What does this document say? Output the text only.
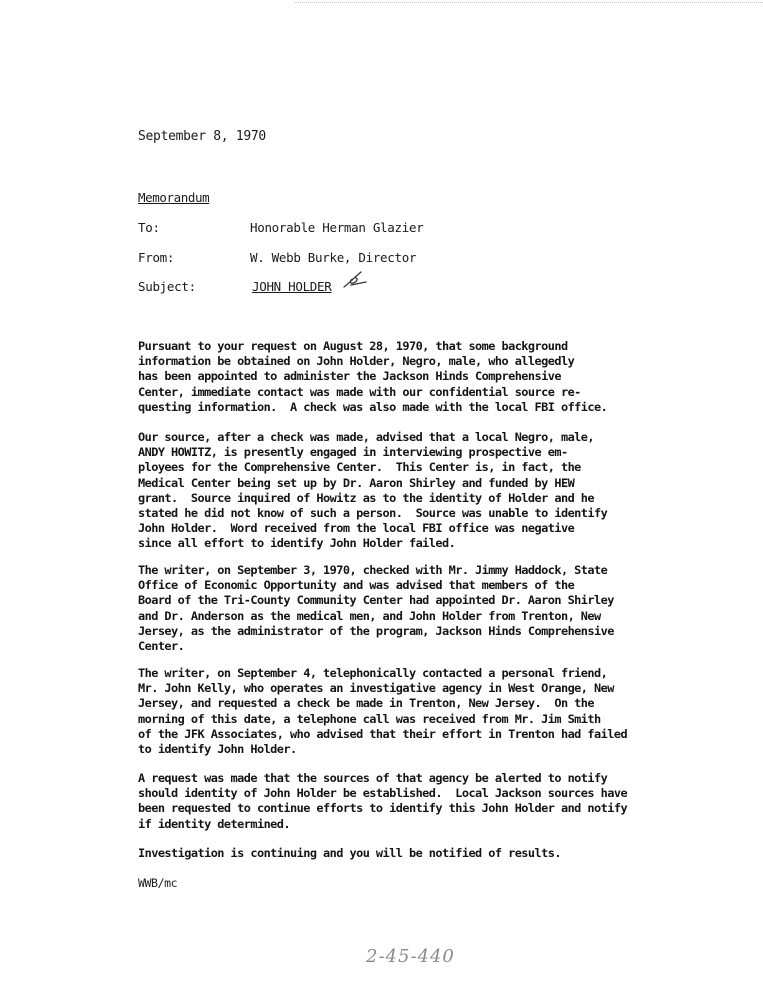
September 8, 1970
Memorandum
To:	Honorable Herman Glazier
From:	W. Webb Burke, Director
Subject:	JOHN HOLDER
Pursuant to your request on August 28, 1970, that some background
information be obtained on John Holder, Negro, male, who allegedly
has been appointed to administer the Jackson Hinds Comprehensive
Center, immediate contact was made with our confidential source re-
questing information.  A check was also made with the local FBI office.
Our source, after a check was made, advised that a local Negro, male,
ANDY HOWITZ, is presently engaged in interviewing prospective em-
ployees for the Comprehensive Center.  This Center is, in fact, the
Medical Center being set up by Dr. Aaron Shirley and funded by HEW
grant.  Source inquired of Howitz as to the identity of Holder and he
stated he did not know of such a person.  Source was unable to identify
John Holder.  Word received from the local FBI office was negative
since all effort to identify John Holder failed.
The writer, on September 3, 1970, checked with Mr. Jimmy Haddock, State
Office of Economic Opportunity and was advised that members of the
Board of the Tri-County Community Center had appointed Dr. Aaron Shirley
and Dr. Anderson as the medical men, and John Holder from Trenton, New
Jersey, as the administrator of the program, Jackson Hinds Comprehensive
Center.
The writer, on September 4, telephonically contacted a personal friend,
Mr. John Kelly, who operates an investigative agency in West Orange, New
Jersey, and requested a check be made in Trenton, New Jersey.  On the
morning of this date, a telephone call was received from Mr. Jim Smith
of the JFK Associates, who advised that their effort in Trenton had failed
to identify John Holder.
A request was made that the sources of that agency be alerted to notify
should identity of John Holder be established.  Local Jackson sources have
been requested to continue efforts to identify this John Holder and notify
if identity determined.
Investigation is continuing and you will be notified of results.
WWB/mc
2-45-440
